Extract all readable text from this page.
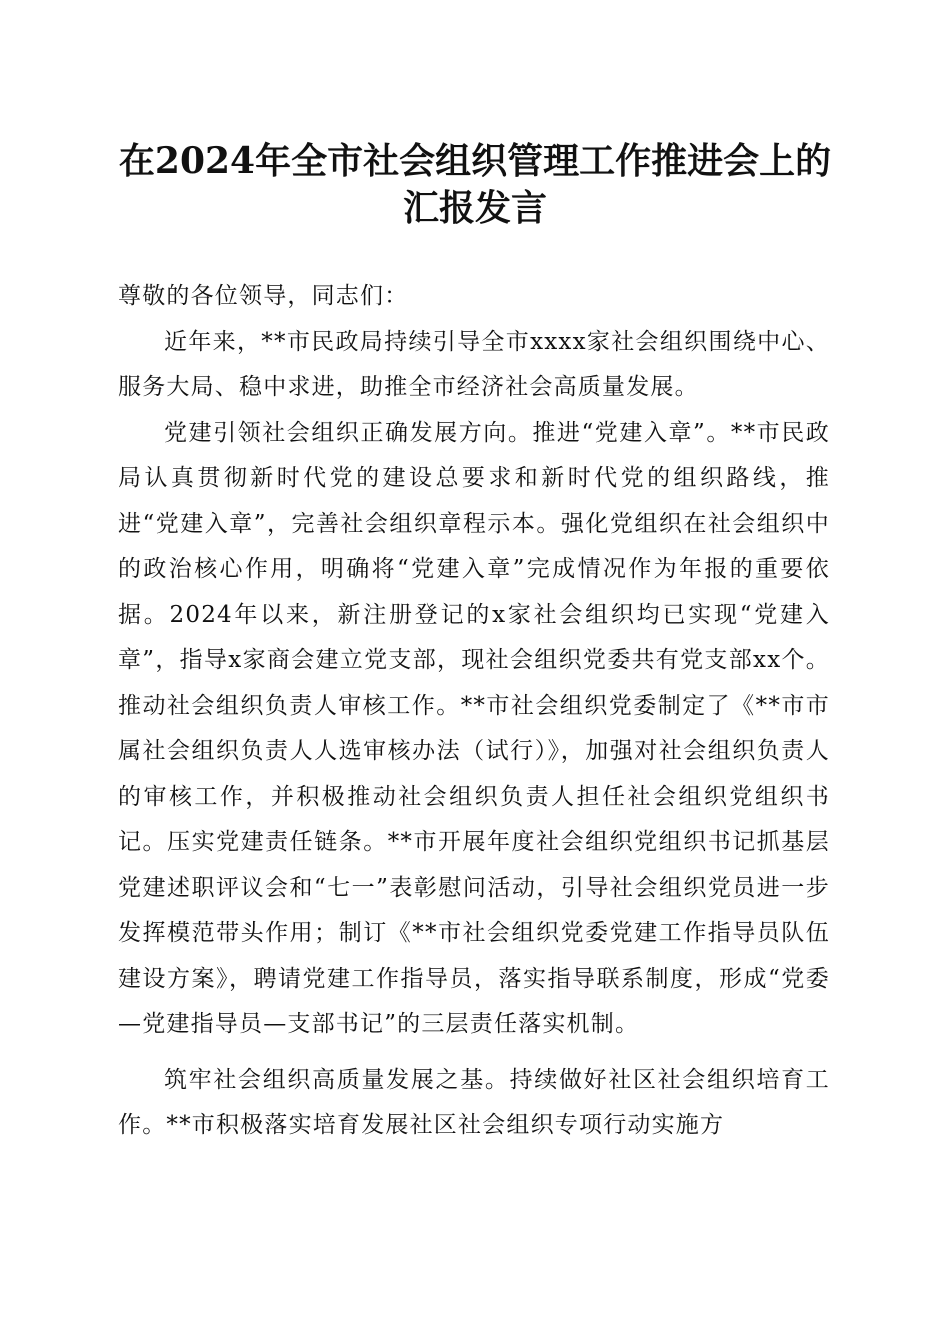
在2024年全市社会组织管理工作推进会上的
汇报发言

尊敬的各位领导，同志们：

近年来，**市民政局持续引导全市xxxx家社会组织围绕中心、服务大局、稳中求进，助推全市经济社会高质量发展。

党建引领社会组织正确发展方向。推进“党建入章”。**市民政局认真贯彻新时代党的建设总要求和新时代党的组织路线，推进“党建入章”，完善社会组织章程示本。强化党组织在社会组织中的政治核心作用，明确将“党建入章”完成情况作为年报的重要依据。2024年以来，新注册登记的x家社会组织均已实现“党建入章”，指导x家商会建立党支部，现社会组织党委共有党支部xx个。推动社会组织负责人审核工作。**市社会组织党委制定了《**市市属社会组织负责人人选审核办法（试行）》，加强对社会组织负责人的审核工作，并积极推动社会组织负责人担任社会组织党组织书记。压实党建责任链条。**市开展年度社会组织党组织书记抓基层党建述职评议会和“七一”表彰慰问活动，引导社会组织党员进一步发挥模范带头作用；制订《**市社会组织党委党建工作指导员队伍建设方案》，聘请党建工作指导员，落实指导联系制度，形成“党委—党建指导员—支部书记”的三层责任落实机制。

筑牢社会组织高质量发展之基。持续做好社区社会组织培育工作。**市积极落实培育发展社区社会组织专项行动实施方
